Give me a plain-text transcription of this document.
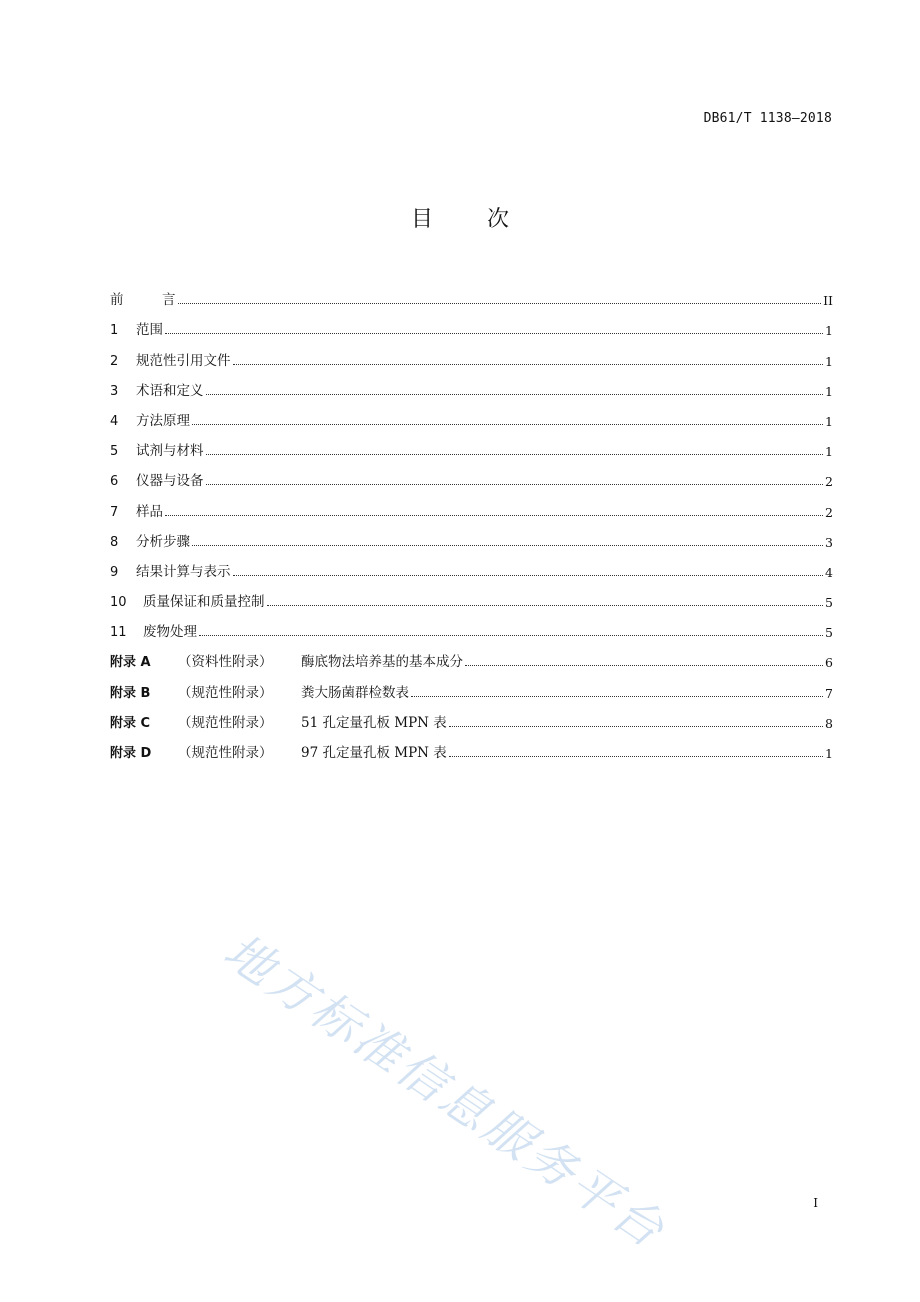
DB61/T 1138—2018
目 次
前	言	II
1	范围	1
2	规范性引用文件	1
3	术语和定义	1
4	方法原理	1
5	试剂与材料	1
6	仪器与设备	2
7	样品	2
8	分析步骤	3
9	结果计算与表示	4
10	质量保证和质量控制	5
11	废物处理	5
附录 A	（资料性附录）	酶底物法培养基的基本成分	6
附录 B	（规范性附录）	粪大肠菌群检数表	7
附录 C	（规范性附录）	51 孔定量孔板 MPN 表	8
附录 D	（规范性附录）	97 孔定量孔板 MPN 表	1
地方标准信息服务平台	I
